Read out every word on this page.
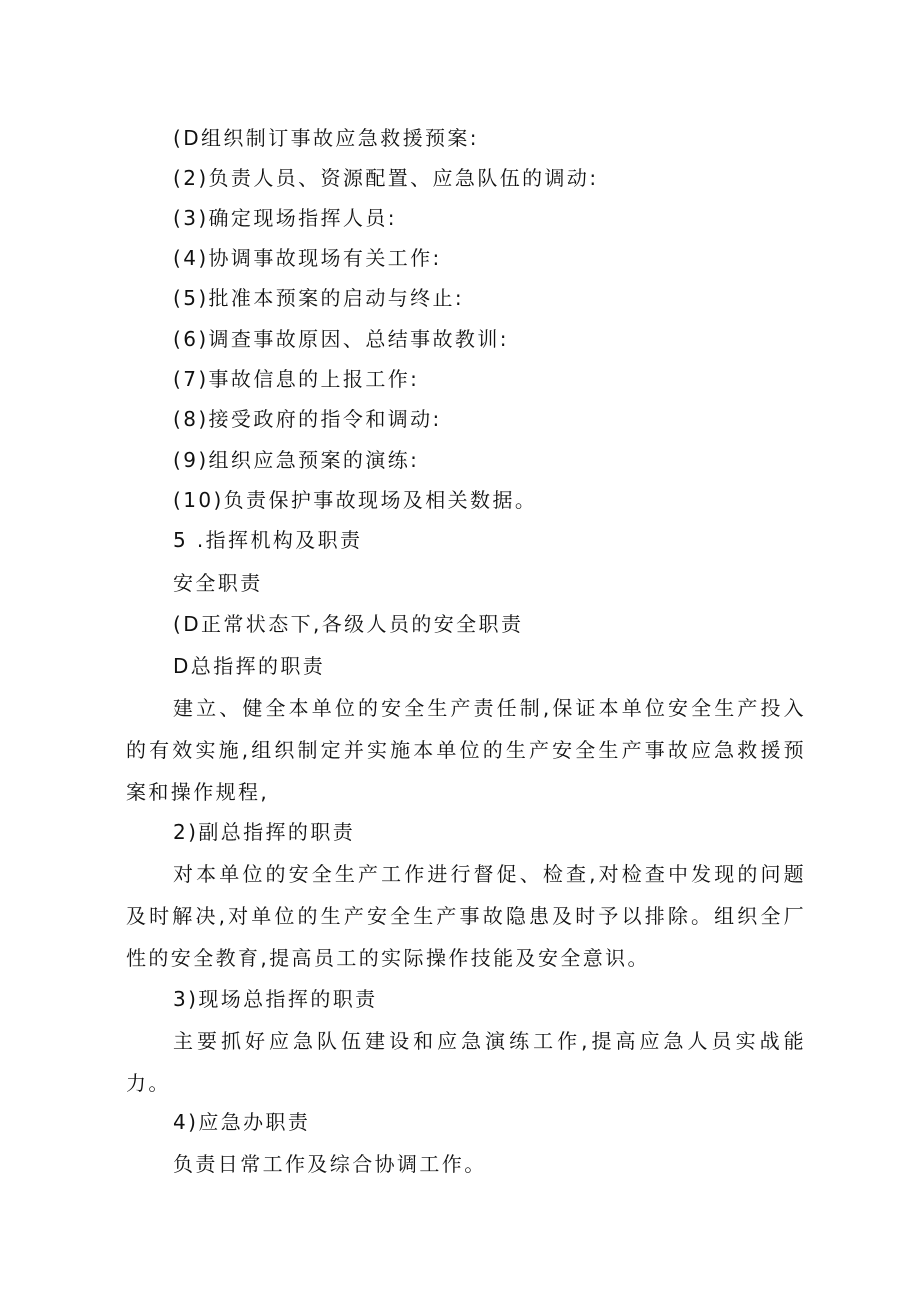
(D组织制订事故应急救援预案:
(2)负责人员、资源配置、应急队伍的调动:
(3)确定现场指挥人员:
(4)协调事故现场有关工作:
(5)批准本预案的启动与终止:
(6)调查事故原因、总结事故教训:
(7)事故信息的上报工作:
(8)接受政府的指令和调动:
(9)组织应急预案的演练:
(10)负责保护事故现场及相关数据。
5 .指挥机构及职责
安全职责
(D正常状态下,各级人员的安全职责
D总指挥的职责

建立、健全本单位的安全生产责任制,保证本单位安全生产投入的有效实施,组织制定并实施本单位的生产安全生产事故应急救援预案和操作规程,

2)副总指挥的职责

对本单位的安全生产工作进行督促、检查,对检查中发现的问题及时解决,对单位的生产安全生产事故隐患及时予以排除。组织全厂性的安全教育,提高员工的实际操作技能及安全意识。

3)现场总指挥的职责

主要抓好应急队伍建设和应急演练工作,提高应急人员实战能力。

4)应急办职责

负责日常工作及综合协调工作。
